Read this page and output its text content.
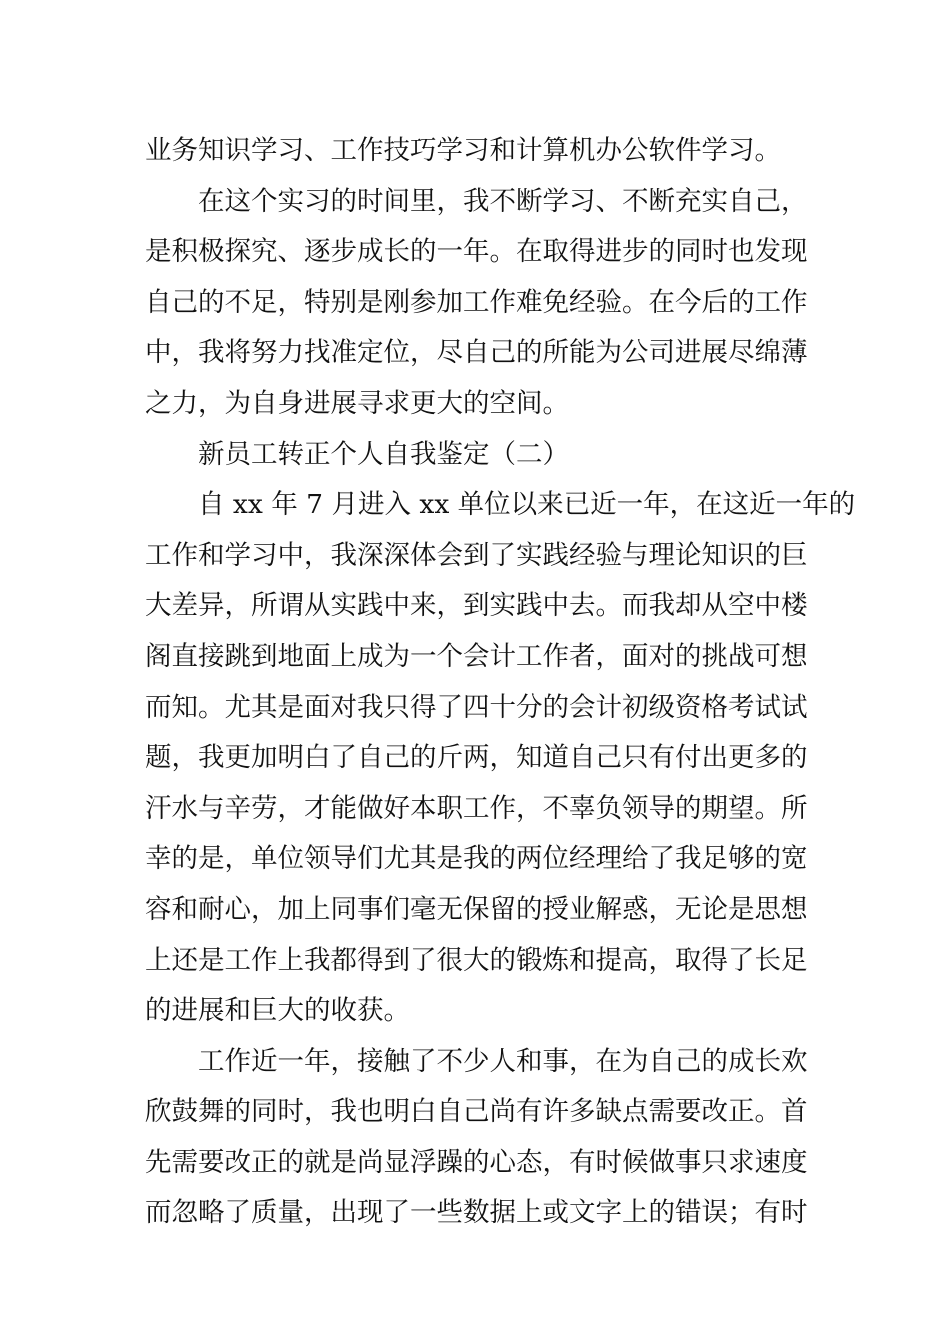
业务知识学习、工作技巧学习和计算机办公软件学习。
在这个实习的时间里，我不断学习、不断充实自己，
是积极探究、逐步成长的一年。在取得进步的同时也发现
自己的不足，特别是刚参加工作难免经验。在今后的工作
中，我将努力找准定位，尽自己的所能为公司进展尽绵薄
之力，为自身进展寻求更大的空间。
新员工转正个人自我鉴定（二）
自 xx 年 7 月进入 xx 单位以来已近一年，在这近一年的
工作和学习中，我深深体会到了实践经验与理论知识的巨
大差异，所谓从实践中来，到实践中去。而我却从空中楼
阁直接跳到地面上成为一个会计工作者，面对的挑战可想
而知。尤其是面对我只得了四十分的会计初级资格考试试
题，我更加明白了自己的斤两，知道自己只有付出更多的
汗水与辛劳，才能做好本职工作，不辜负领导的期望。所
幸的是，单位领导们尤其是我的两位经理给了我足够的宽
容和耐心，加上同事们毫无保留的授业解惑，无论是思想
上还是工作上我都得到了很大的锻炼和提高，取得了长足
的进展和巨大的收获。
工作近一年，接触了不少人和事，在为自己的成长欢
欣鼓舞的同时，我也明白自己尚有许多缺点需要改正。首
先需要改正的就是尚显浮躁的心态，有时候做事只求速度
而忽略了质量，出现了一些数据上或文字上的错误；有时
